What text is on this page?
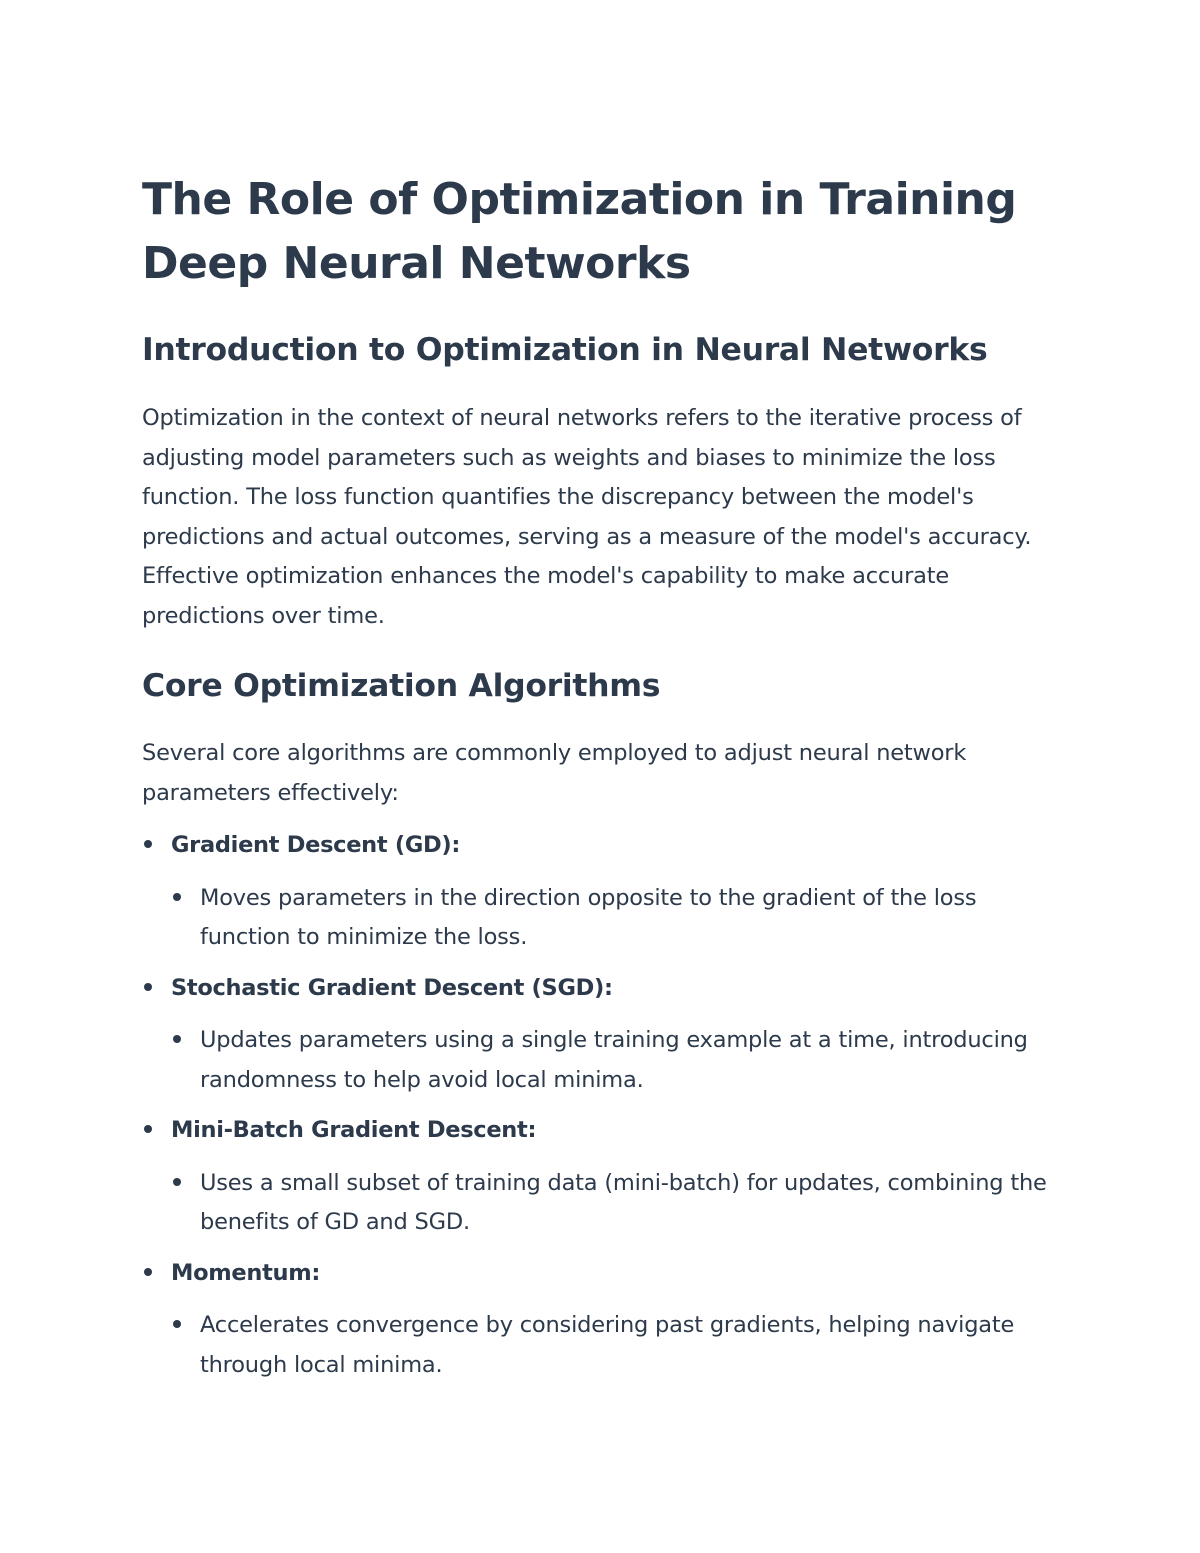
The Role of Optimization in Training Deep Neural Networks
Introduction to Optimization in Neural Networks

Optimization in the context of neural networks refers to the iterative process of adjusting model parameters such as weights and biases to minimize the loss function. The loss function quantifies the discrepancy between the model's predictions and actual outcomes, serving as a measure of the model's accuracy. Effective optimization enhances the model's capability to make accurate predictions over time.

Core Optimization Algorithms

Several core algorithms are commonly employed to adjust neural network parameters effectively:

Gradient Descent (GD):
Moves parameters in the direction opposite to the gradient of the loss function to minimize the loss.
Stochastic Gradient Descent (SGD):
Updates parameters using a single training example at a time, introducing randomness to help avoid local minima.
Mini-Batch Gradient Descent:
Uses a small subset of training data (mini-batch) for updates, combining the benefits of GD and SGD.
Momentum:
Accelerates convergence by considering past gradients, helping navigate through local minima.
